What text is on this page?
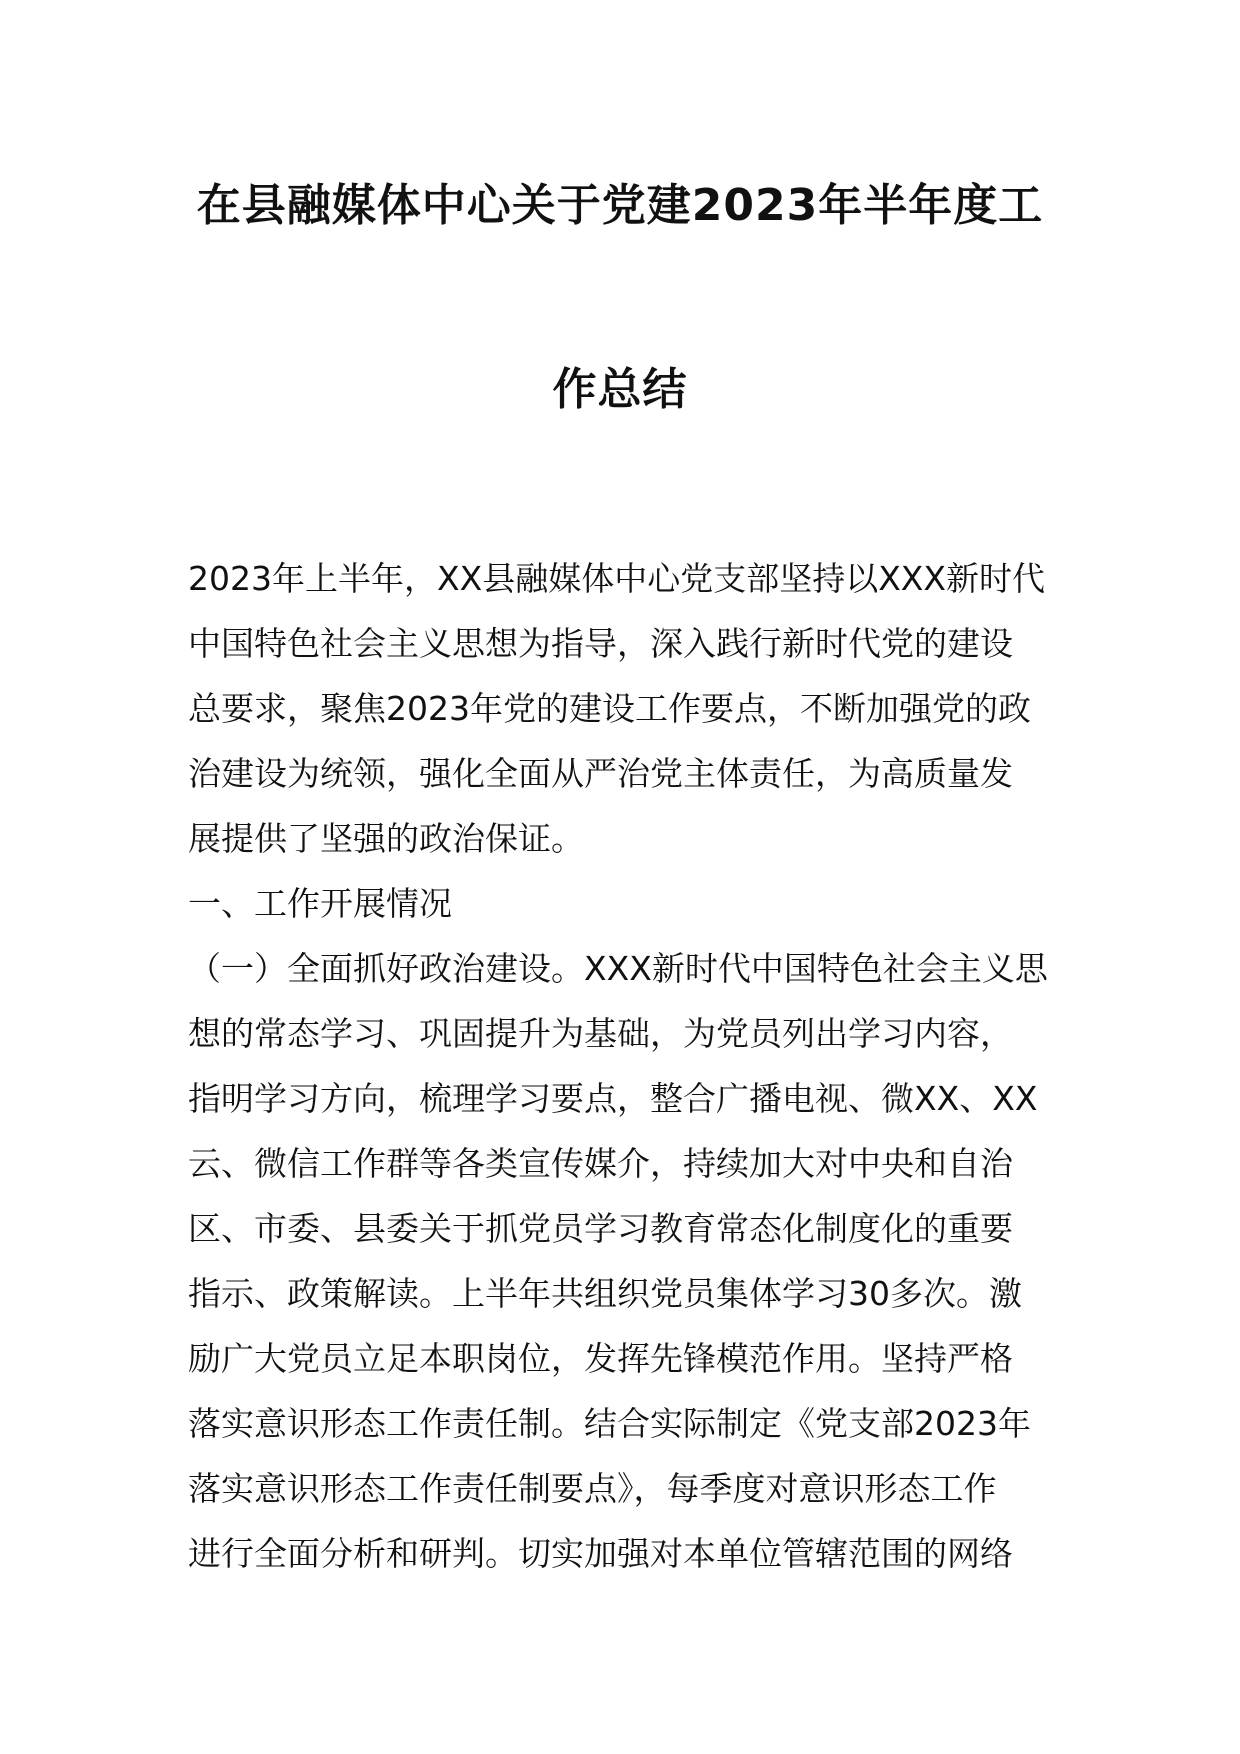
在县融媒体中心关于党建2023年半年度工
作总结
2023年上半年，XX县融媒体中心党支部坚持以XXX新时代
中国特色社会主义思想为指导，深入践行新时代党的建设
总要求，聚焦2023年党的建设工作要点，不断加强党的政
治建设为统领，强化全面从严治党主体责任，为高质量发
展提供了坚强的政治保证。
一、工作开展情况
（一）全面抓好政治建设。XXX新时代中国特色社会主义思
想的常态学习、巩固提升为基础，为党员列出学习内容，
指明学习方向，梳理学习要点，整合广播电视、微XX、XX
云、微信工作群等各类宣传媒介，持续加大对中央和自治
区、市委、县委关于抓党员学习教育常态化制度化的重要
指示、政策解读。上半年共组织党员集体学习30多次。激
励广大党员立足本职岗位，发挥先锋模范作用。坚持严格
落实意识形态工作责任制。结合实际制定《党支部2023年
落实意识形态工作责任制要点》，每季度对意识形态工作
进行全面分析和研判。切实加强对本单位管辖范围的网络
